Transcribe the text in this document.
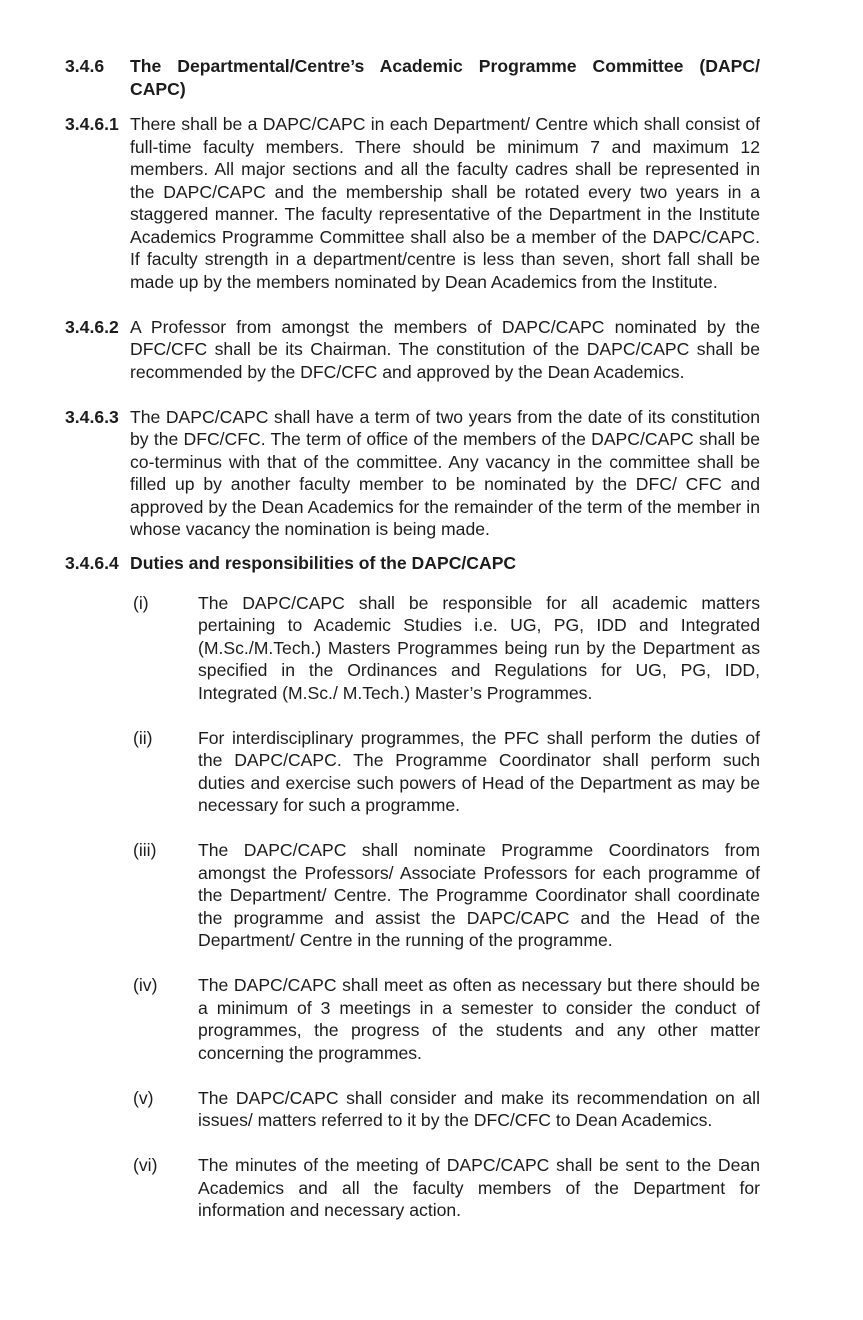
3.4.6 The Departmental/Centre’s Academic Programme Committee (DAPC/ CAPC)
3.4.6.1 There shall be a DAPC/CAPC in each Department/ Centre which shall consist of full-time faculty members. There should be minimum 7 and maximum 12 members. All major sections and all the faculty cadres shall be represented in the DAPC/CAPC and the membership shall be rotated every two years in a staggered manner. The faculty representative of the Department in the Institute Academics Programme Committee shall also be a member of the DAPC/CAPC. If faculty strength in a department/centre is less than seven, short fall shall be made up by the members nominated by Dean Academics from the Institute.
3.4.6.2 A Professor from amongst the members of DAPC/CAPC nominated by the DFC/CFC shall be its Chairman. The constitution of the DAPC/CAPC shall be recommended by the DFC/CFC and approved by the Dean Academics.
3.4.6.3 The DAPC/CAPC shall have a term of two years from the date of its constitution by the DFC/CFC. The term of office of the members of the DAPC/CAPC shall be co-terminus with that of the committee. Any vacancy in the committee shall be filled up by another faculty member to be nominated by the DFC/ CFC and approved by the Dean Academics for the remainder of the term of the member in whose vacancy the nomination is being made.
3.4.6.4 Duties and responsibilities of the DAPC/CAPC
(i)	The DAPC/CAPC shall be responsible for all academic matters pertaining to Academic Studies i.e. UG, PG, IDD and Integrated (M.Sc./M.Tech.) Masters Programmes being run by the Department as specified in the Ordinances and Regulations for UG, PG, IDD, Integrated (M.Sc./ M.Tech.) Master’s Programmes.
(ii)	For interdisciplinary programmes, the PFC shall perform the duties of the DAPC/CAPC. The Programme Coordinator shall perform such duties and exercise such powers of Head of the Department as may be necessary for such a programme.
(iii) The DAPC/CAPC shall nominate Programme Coordinators from amongst the Professors/ Associate Professors for each programme of the Department/ Centre. The Programme Coordinator shall coordinate the programme and assist the DAPC/CAPC and the Head of the Department/ Centre in the running of the programme.
(iv) The DAPC/CAPC shall meet as often as necessary but there should be a minimum of 3 meetings in a semester to consider the conduct of programmes, the progress of the students and any other matter concerning the programmes.
(v)	The DAPC/CAPC shall consider and make its recommendation on all issues/ matters referred to it by the DFC/CFC to Dean Academics.
(vi) The minutes of the meeting of DAPC/CAPC shall be sent to the Dean Academics and all the faculty members of the Department for information and necessary action.
